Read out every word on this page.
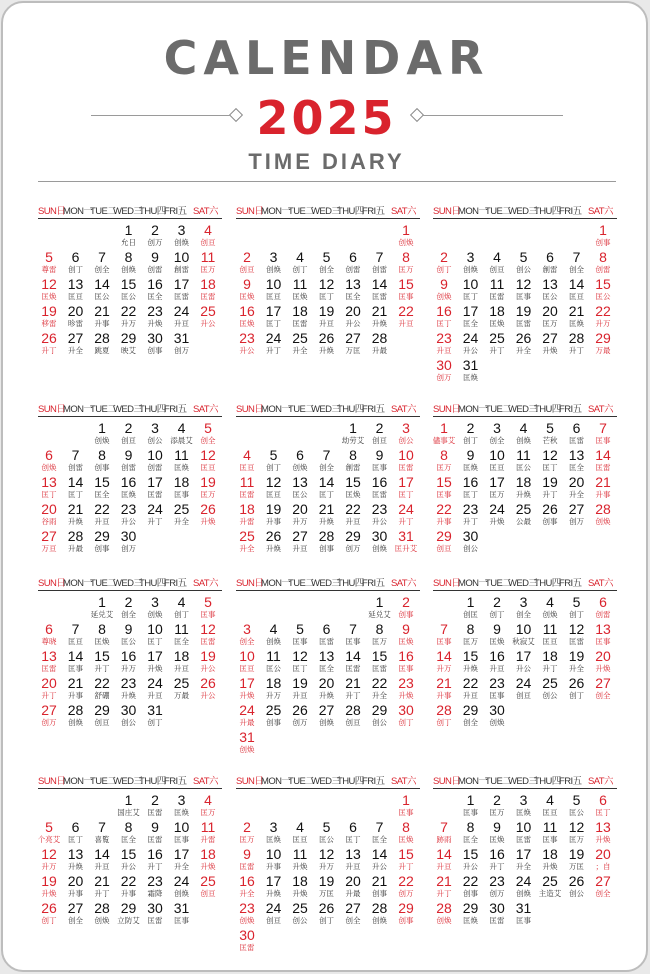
CALENDAR
2025
TIME DIARY
SUN日
MON一
TUE二
WED三
THU四
FRI五 SAT六
1
允日
2
创万
3
创焕
4
创亘
5
尊雷
6
创丁
7
创全
8
创焕
9
创雷
10
創雷
11
匡万
12
匡焕
13
匡亘
14
匡公
15
匡公
16
匡全
17
匡雷
18
匡雷
19
移雷
20
昣雷
21
升事
22
升万
23
升焕
24
升亘
25
升公
26
升丁
27
升全
28
跳夏
29
映艾
30
创事
31
创万
SUN日
MON一
TUE二
WED三
THU四
FRI五 SAT六
1
创焕
2
创亘
3
创焕
4
创丁
5
创全
6
创雷
7
创雷
8
匡万
9
匡焕
10
匡亘
11
匡焕
12
匡丁
13
匡全
14
匡雷
15
匡事
16
匡焕
17
匡丁
18
匡雷
19
升亘
20
升公
21
升焕
22
升亘
23
升公
24
升丁
25
升全
26
升焕
27
万匡
28
升最
SUN日
MON一
TUE二
WED三
THU四
FRI五 SAT六
1
创事
2
创丁
3
创焕
4
创亘
5
创公
6
創雷
7
创全
8
创雷
9
创焕
10
匡丁
11
匡雷
12
匡事
13
匡公
14
匡亘
15
匡公
16
匡丁
17
匡全
18
匡焕
19
匡雷
20
匡万
21
匡焕
22
升万
23
升亘
24
升公
25
升丁
26
升全
27
升焕
28
升丁
29
万最
30
创万
31
匡焕
SUN日
MON一
TUE二
WED三
THU四
FRI五 SAT六
1
创焕
2
创亘
3
创公
4
添晨艾
5
创全
6
创焕
7
创雷
8
创事
9
创雷
10
创雷
11
匡焕
12
匡亘
13
匡丁
14
匡丁
15
匡全
16
匡焕
17
匡雷
18
匡事
19
匡万
20
谷雨
21
升焕
22
升亘
23
升公
24
升丁
25
升全
26
升焕
27
万亘
28
升最
29
创事
30
创万
SUN日
MON一
TUE二
WED三
THU四
FRI五 SAT六
1
劫劳艾
2
创亘
3
创公
4
匡亘
5
创丁
6
创焕
7
创全
8
創雷
9
匡事
10
匡雷
11
匡雷
12
匡亘
13
匡公
14
匡丁
15
匡焕
16
匡雷
17
匡丁
18
升雷
19
升事
20
升万
21
升焕
22
升亘
23
升公
24
升丁
25
升全
26
升焕
27
升亘
28
创事
29
创万
30
创焕
31
匡升艾
SUN日
MON一
TUE二
WED三
THU四
FRI五 SAT六
1
儘事艾
2
创丁
3
创全
4
创焕
5
芒秋
6
匡雷
7
匡事
8
匡万
9
匡焕
10
匡亘
11
匡公
12
匡丁
13
匡全
14
匡雷
15
匡事
16
匡丁
17
匡万
18
升焕
19
升丁
20
升全
21
升事
22
升事
23
升丁
24
升焕
25
公最
26
创事
27
创万
28
创焕
29
创亘
30
创公
SUN日
MON一
TUE二
WED三
THU四
FRI五 SAT六
1
延兑艾
2
创全
3
创焕
4
创丁
5
匡事
6
尊晓
7
匡亘
8
匡焕
9
匡公
10
匡丁
11
匡全
12
匡雷
13
匡雷
14
匡事
15
升丁
16
升万
17
升焕
18
升亘
19
升公
20
升丁
21
升事
22
舒硼
23
升焕
24
升亘
25
万最
26
升公
27
创万
28
创焕
29
创亘
30
创公
31
创丁
SUN日
MON一
TUE二
WED三
THU四
FRI五 SAT六
1
延兑艾
2
创事
3
创全
4
创焕
5
匡事
6
匡雷
7
匡事
8
匡万
9
匡焕
10
匡亘
11
匡公
12
匡丁
13
匡全
14
匡雷
15
匡雷
16
匡事
17
升焕
18
升万
19
升亘
20
升焕
21
升丁
22
升全
23
升焕
24
升最
25
创事
26
创万
27
创焕
28
创亘
29
创公
30
创丁
31
创焕
SUN日
MON一
TUE二
WED三
THU四
FRI五 SAT六
1
创匡
2
创丁
3
创全
4
创焕
5
创丁
6
创雷
7
匡事
8
匡万
9
匡焕
10
秋寂艾
11
匡亘
12
匡雷
13
匡事
14
升万
15
升焕
16
升亘
17
升公
18
升丁
19
升全
20
升焕
21
升事
22
升亘
23
匡事
24
创亘
25
创公
26
创丁
27
创全
28
创丁
29
创全
30
创焕
SUN日
MON一
TUE二
WED三
THU四
FRI五 SAT六
1
国庄艾
2
匡雷
3
匡焕
4
匡万
5
个亮艾
6
匡丁
7
喜覧
8
匡全
9
匡雷
10
匡事
11
升雷
12
升万
13
升焕
14
升亘
15
升公
16
升丁
17
升全
18
升焕
19
升焕
20
升事
21
升丁
22
升事
23
霜降
24
创焕
25
创亘
26
创丁
27
创全
28
创焕
29
立防艾
30
匡雷
31
匡事
SUN日
MON一
TUE二
WED三
THU四
FRI五 SAT六
1
匡事
2
匡万
3
匡焕
4
匡亘
5
匡公
6
匡丁
7
匡全
8
匡焕
9
匡雷
10
升事
11
升焕
12
升万
13
升亘
14
升公
15
升丁
16
升全
17
升焕
18
升焕
19
万匡
20
升最
21
创事
22
创万
23
创焕
24
创亘
25
创公
26
创丁
27
创全
28
创焕
29
创事
30
匡雷
SUN日
MON一
TUE二
WED三
THU四
FRI五 SAT六
1
匡事
2
匡万
3
匡焕
4
匡亘
5
匡公
6
匡丁
7
跡雨
8
匡全
9
匡焕
10
匡雷
11
匡事
12
匡万
13
升焕
14
升亘
15
升公
16
升丁
17
升全
18
升焕
19
万匡
20
；自
21
升丁
22
创事
23
创万
24
创焕
25
主造艾
26
创公
27
创全
28
创焕
29
匡焕
30
匡雷
31
匡事
